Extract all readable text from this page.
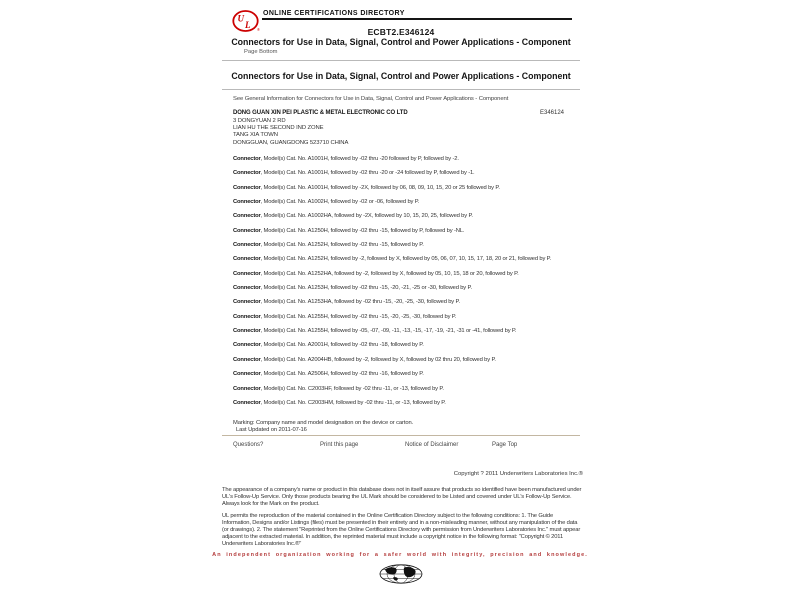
U
L ®
ONLINE CERTIFICATIONS DIRECTORY
ECBT2.E346124
Connectors for Use in Data, Signal, Control and Power Applications - Component
Page Bottom
Connectors for Use in Data, Signal, Control and Power Applications - Component
See General Information for Connectors for Use in Data, Signal, Control and Power Applications - Component
DONG GUAN XIN PEI PLASTIC & METAL ELECTRONIC CO LTD	E346124
3 DONGYUAN 2 RD
LIAN HU THE SECOND IND ZONE
TANG XIA TOWN
DONGGUAN, GUANGDONG 523710 CHINA
Connector, Model(s) Cat. No. A1001H, followed by -02 thru -20 followed by P, followed by -2.
Connector, Model(s) Cat. No. A1001H, followed by -02 thru -20 or -24 followed by P, followed by -1.
Connector, Model(s) Cat. No. A1001H, followed by -2X, followed by 06, 08, 09, 10, 15, 20 or 25 followed by P.
Connector, Model(s) Cat. No. A1002H, followed by -02 or -06, followed by P.
Connector, Model(s) Cat. No. A1002HA, followed by -2X, followed by 10, 15, 20, 25, followed by P.
Connector, Model(s) Cat. No. A1250H, followed by -02 thru -15, followed by P, followed by -NL.
Connector, Model(s) Cat. No. A1252H, followed by -02 thru -15, followed by P.
Connector, Model(s) Cat. No. A1252H, followed by -2, followed by X, followed by 05, 06, 07, 10, 15, 17, 18, 20 or 21, followed by P.
Connector, Model(s) Cat. No. A1252HA, followed by -2, followed by X, followed by 05, 10, 15, 18 or 20, followed by P.
Connector, Model(s) Cat. No. A1253H, followed by -02 thru -15, -20, -21, -25 or -30, followed by P.
Connector, Model(s) Cat. No. A1253HA, followed by -02 thru -15, -20, -25, -30, followed by P.
Connector, Model(s) Cat. No. A1255H, followed by -02 thru -15, -20, -25, -30, followed by P.
Connector, Model(s) Cat. No. A1255H, followed by -05, -07, -09, -11, -13, -15, -17, -19, -21, -31 or -41, followed by P.
Connector, Model(s) Cat. No. A2001H, followed by -02 thru -18, followed by P.
Connector, Model(s) Cat. No. A2004HB, followed by -2, followed by X, followed by 02 thru 20, followed by P.
Connector, Model(s) Cat. No. A2506H, followed by -02 thru -16, followed by P.
Connector, Model(s) Cat. No. C2003HF, followed by -02 thru -11, or -13, followed by P.
Connector, Model(s) Cat. No. C2003HM, followed by -02 thru -11, or -13, followed by P.
Marking: Company name and model designation on the device or carton.
Last Updated on 2011-07-16
Questions?	Print this page	Notice of Disclaimer	Page Top
Copyright ? 2011 Underwriters Laboratories Inc.®
The appearance of a company's name or product in this database does not in itself assure that products so identified have been manufactured under UL's Follow-Up Service. Only those products bearing the UL Mark should be considered to be Listed and covered under UL's Follow-Up Service. Always look for the Mark on the product.
UL permits the reproduction of the material contained in the Online Certification Directory subject to the following conditions: 1. The Guide Information, Designs and/or Listings (files) must be presented in their entirety and in a non-misleading manner, without any manipulation of the data (or drawings). 2. The statement "Reprinted from the Online Certifications Directory with permission from Underwriters Laboratories Inc." must appear adjacent to the extracted material. In addition, the reprinted material must include a copyright notice in the following format: "Copyright © 2011 Underwriters Laboratories Inc.®"
An independent organization working for a safer world with integrity, precision and knowledge.
